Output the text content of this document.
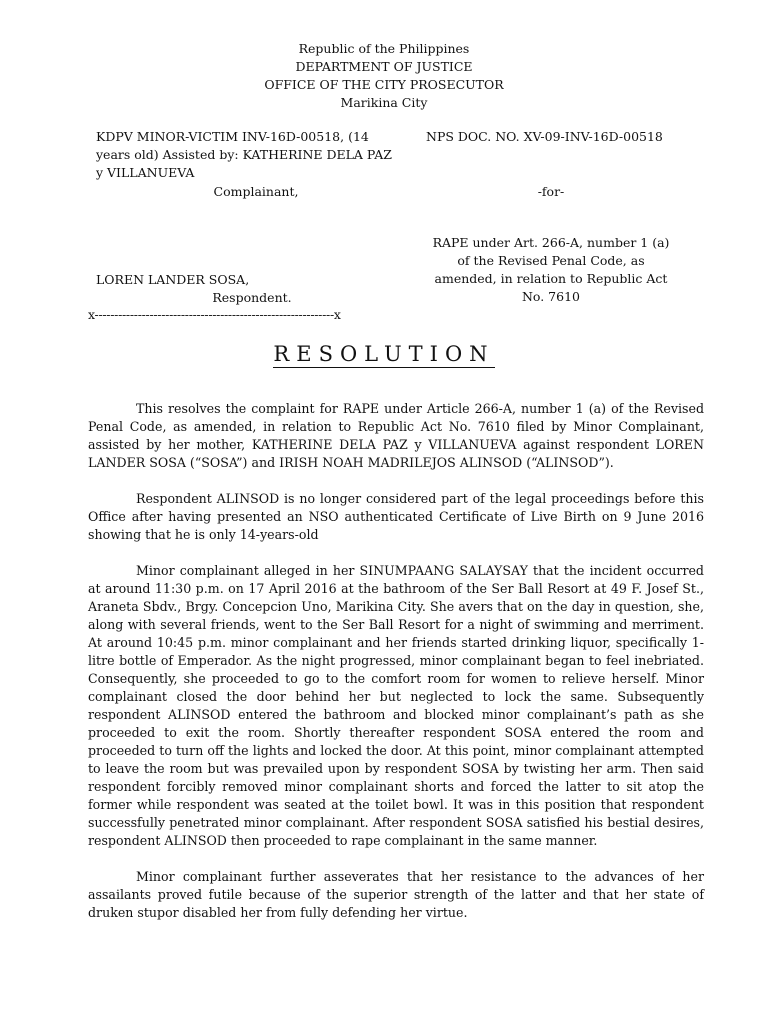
Republic of the Philippines
DEPARTMENT OF JUSTICE
OFFICE OF THE CITY PROSECUTOR
Marikina City
KDPV MINOR-VICTIM INV-16D-00518, (14 years old) Assisted by: KATHERINE DELA PAZ y VILLANUEVA
NPS DOC. NO. XV-09-INV-16D-00518
Complainant,	-for-
RAPE under Art. 266-A, number 1 (a) of the Revised Penal Code, as amended, in relation to Republic Act No. 7610
LOREN LANDER SOSA,
Respondent.
x-------------------------------------------------------------x
RESOLUTION

This resolves the complaint for RAPE under Article 266-A, number 1 (a) of the Revised Penal Code, as amended, in relation to Republic Act No. 7610 filed by Minor Complainant, assisted by her mother, KATHERINE DELA PAZ y VILLANUEVA against respondent LOREN LANDER SOSA (“SOSA”) and IRISH NOAH MADRILEJOS ALINSOD (“ALINSOD”).

Respondent ALINSOD is no longer considered part of the legal proceedings before this Office after having presented an NSO authenticated Certificate of Live Birth on 9 June 2016 showing that he is only 14-years-old

Minor complainant alleged in her SINUMPAANG SALAYSAY that the incident occurred at around 11:30 p.m. on 17 April 2016 at the bathroom of the Ser Ball Resort at 49 F. Josef St., Araneta Sbdv., Brgy. Concepcion Uno, Marikina City. She avers that on the day in question, she, along with several friends, went to the Ser Ball Resort for a night of swimming and merriment. At around 10:45 p.m. minor complainant and her friends started drinking liquor, specifically 1-litre bottle of Emperador. As the night progressed, minor complainant began to feel inebriated. Consequently, she proceeded to go to the comfort room for women to relieve herself. Minor complainant closed the door behind her but neglected to lock the same. Subsequently respondent ALINSOD entered the bathroom and blocked minor complainant’s path as she proceeded to exit the room. Shortly thereafter respondent SOSA entered the room and proceeded to turn off the lights and locked the door. At this point, minor complainant attempted to leave the room but was prevailed upon by respondent SOSA by twisting her arm. Then said respondent forcibly removed minor complainant shorts and forced the latter to sit atop the former while respondent was seated at the toilet bowl. It was in this position that respondent successfully penetrated minor complainant. After respondent SOSA satisfied his bestial desires, respondent ALINSOD then proceeded to rape complainant in the same manner.

Minor complainant further asseverates that her resistance to the advances of her assailants proved futile because of the superior strength of the latter and that her state of druken stupor disabled her from fully defending her virtue.
